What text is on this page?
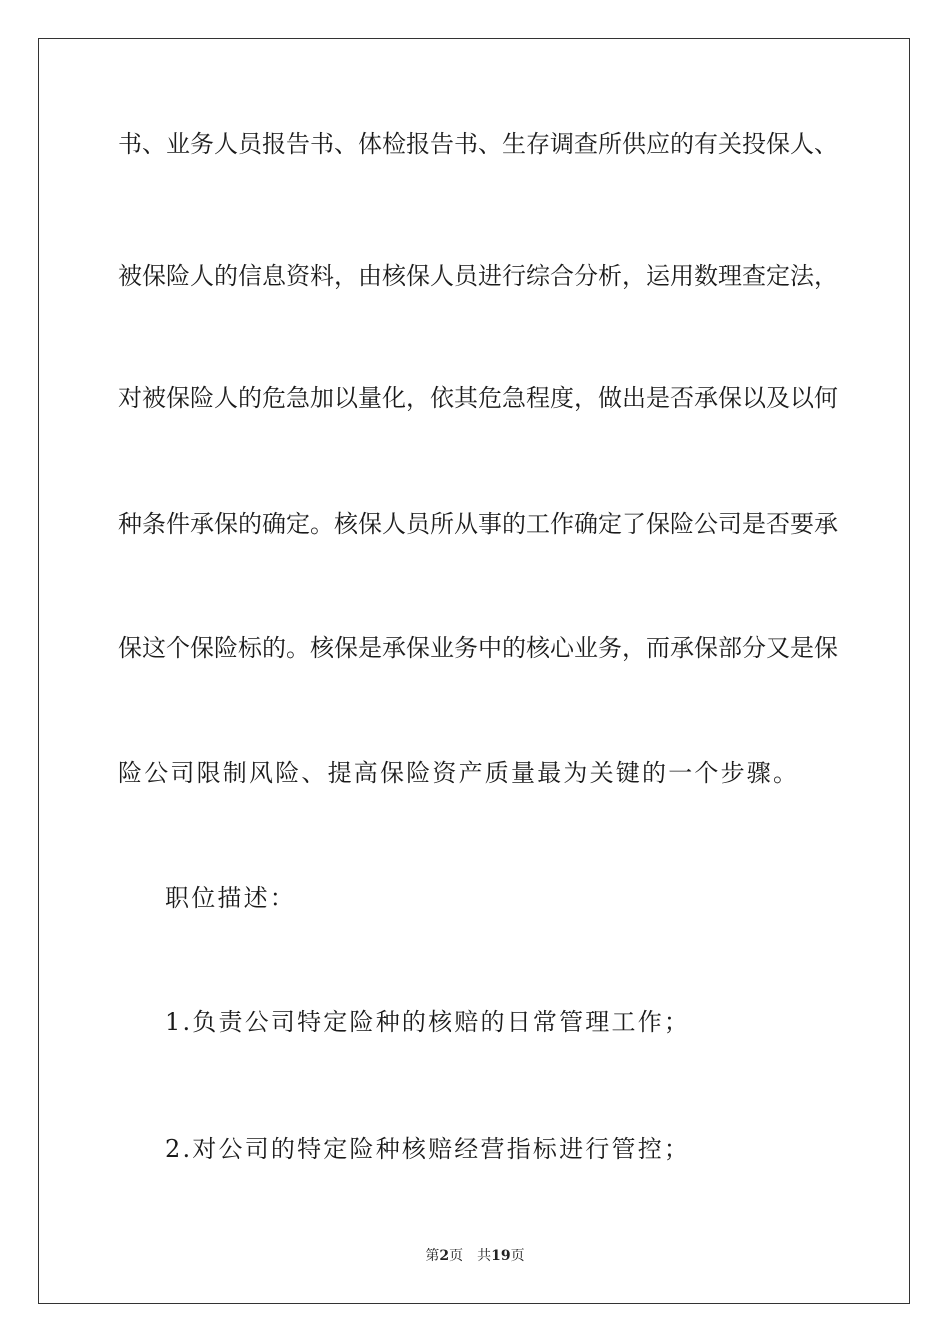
书、业务人员报告书、体检报告书、生存调查所供应的有关投保人、
被保险人的信息资料，由核保人员进行综合分析，运用数理查定法，
对被保险人的危急加以量化，依其危急程度，做出是否承保以及以何
种条件承保的确定。核保人员所从事的工作确定了保险公司是否要承
保这个保险标的。核保是承保业务中的核心业务，而承保部分又是保
险公司限制风险、提高保险资产质量最为关键的一个步骤。
职位描述：
1.负责公司特定险种的核赔的日常管理工作；
2.对公司的特定险种核赔经营指标进行管控；
第2页 共19页
